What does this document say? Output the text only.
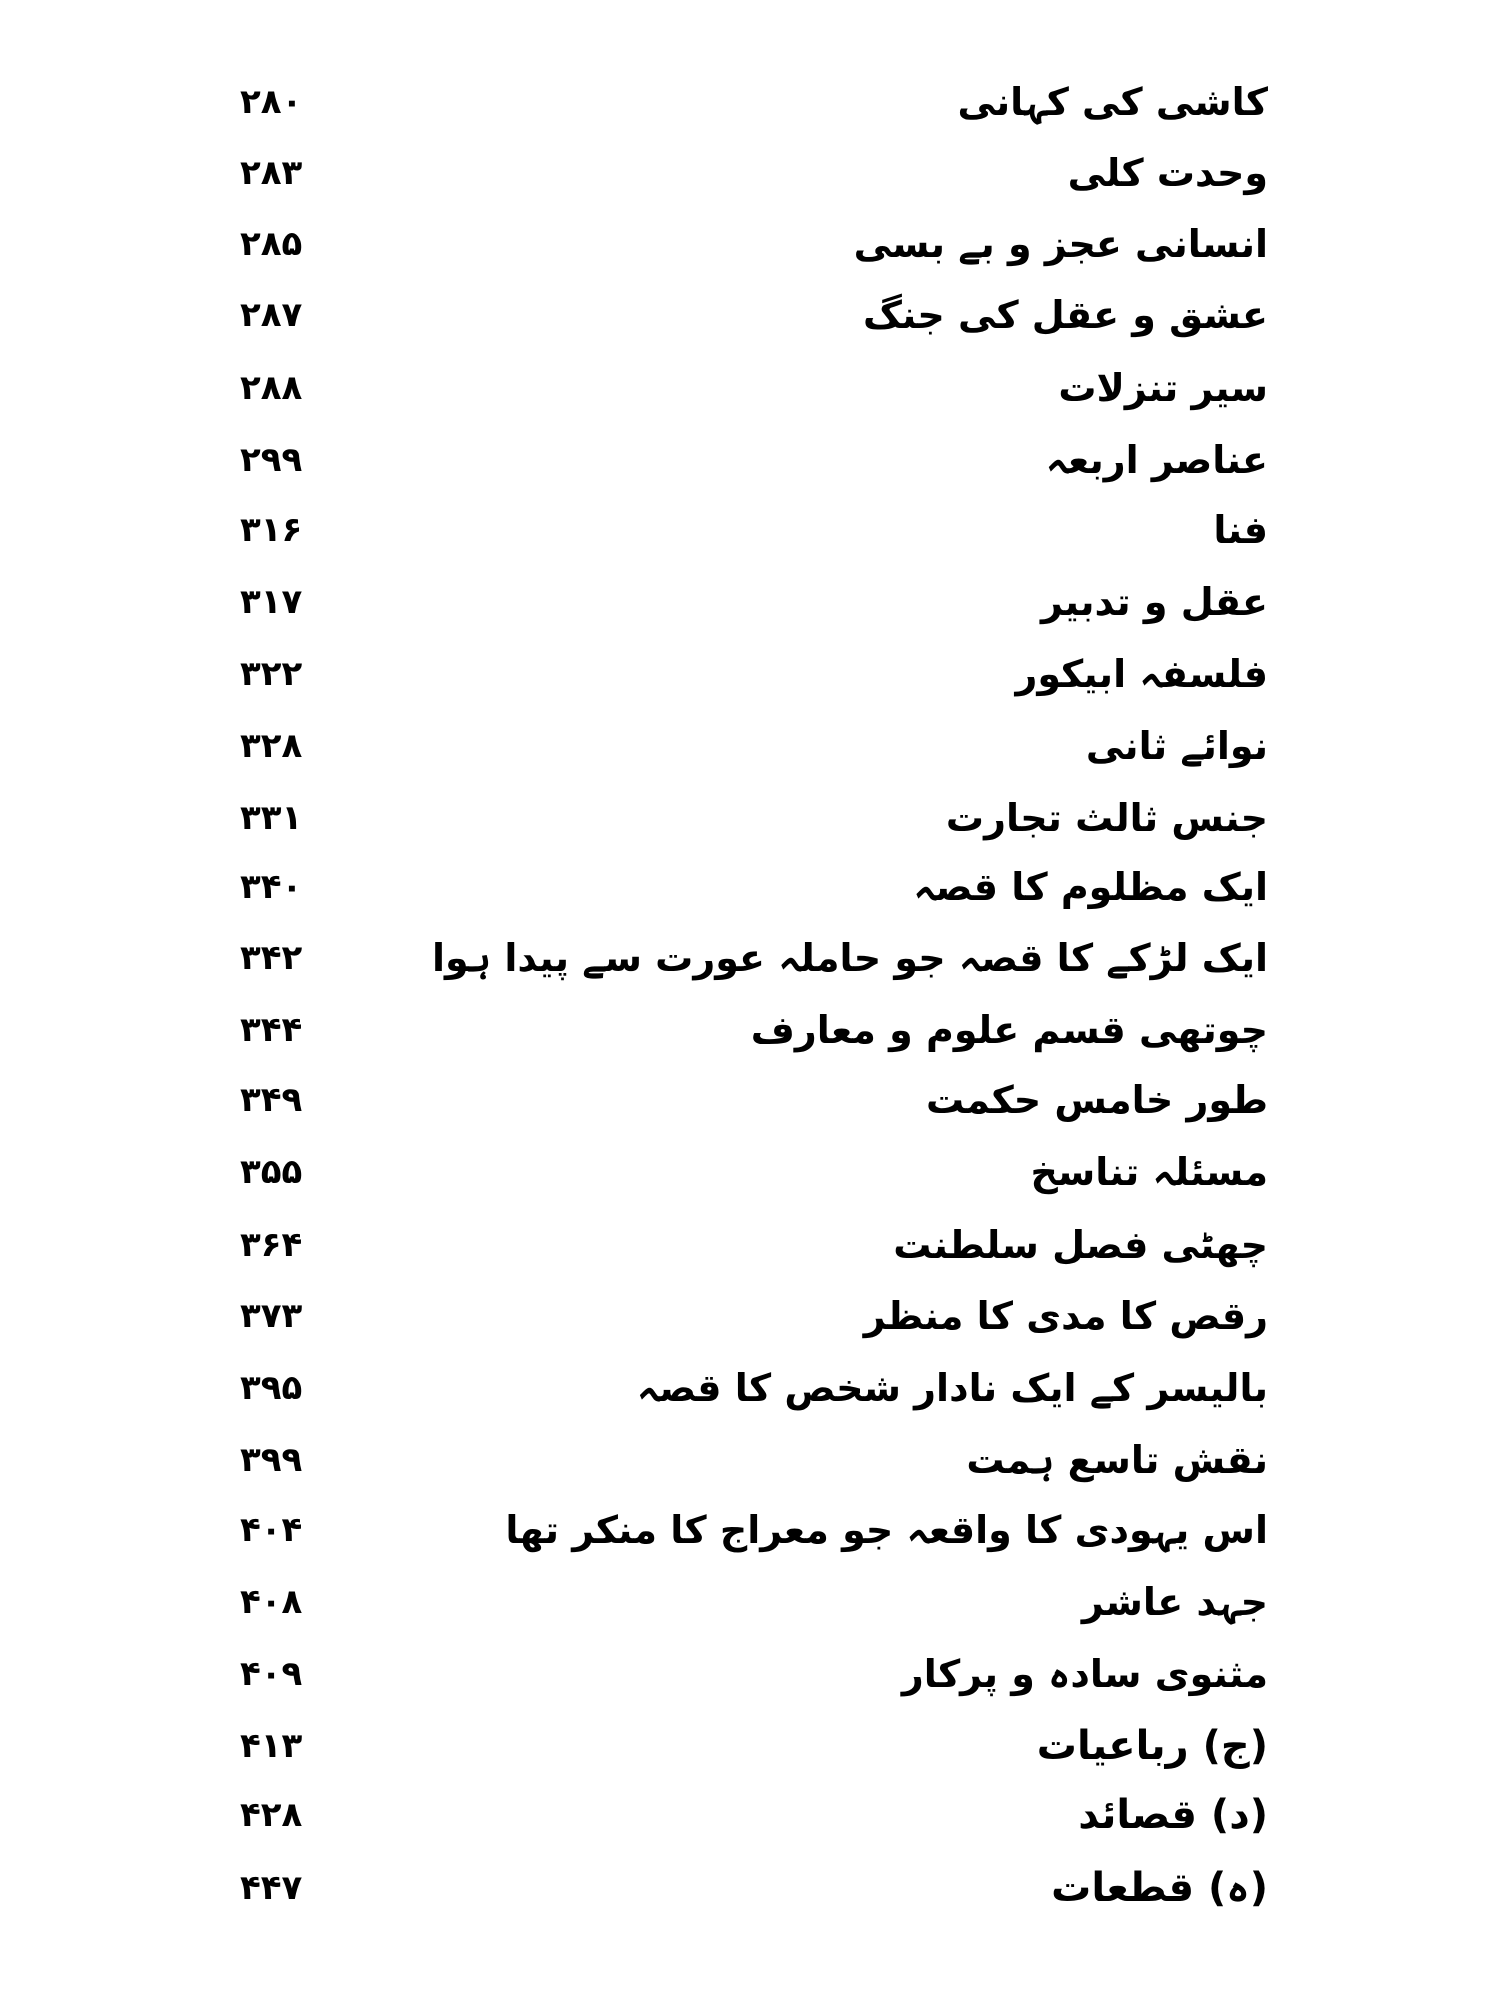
کاشی کی کہانی
۲۸۰
وحدت کلی
۲۸۳
انسانی عجز و بے بسی
۲۸۵
عشق و عقل کی جنگ
۲۸۷
سیر تنزلات
۲۸۸
عناصر اربعہ
۲۹۹
فنا
۳۱۶
عقل و تدبیر
۳۱۷
فلسفہ ابیکور
۳۲۲
نوائے ثانی
۳۲۸
جنس ثالث تجارت
۳۳۱
ایک مظلوم کا قصہ
۳۴۰
ایک لڑکے کا قصہ جو حاملہ عورت سے پیدا ہوا
۳۴۲
چوتھی قسم علوم و معارف
۳۴۴
طور خامس حکمت
۳۴۹
مسئلہ تناسخ
۳۵۵
چھٹی فصل سلطنت
۳۶۴
رقص کا مدی کا منظر
۳۷۳
بالیسر کے ایک نادار شخص کا قصہ
۳۹۵
نقش تاسع ہمت
۳۹۹
اس یہودی کا واقعہ جو معراج کا منکر تھا
۴۰۴
جہد عاشر
۴۰۸
مثنوی سادہ و پرکار
۴۰۹
(ج) رباعیات
۴۱۳
(د) قصائد
۴۲۸
(ہ) قطعات
۴۴۷
